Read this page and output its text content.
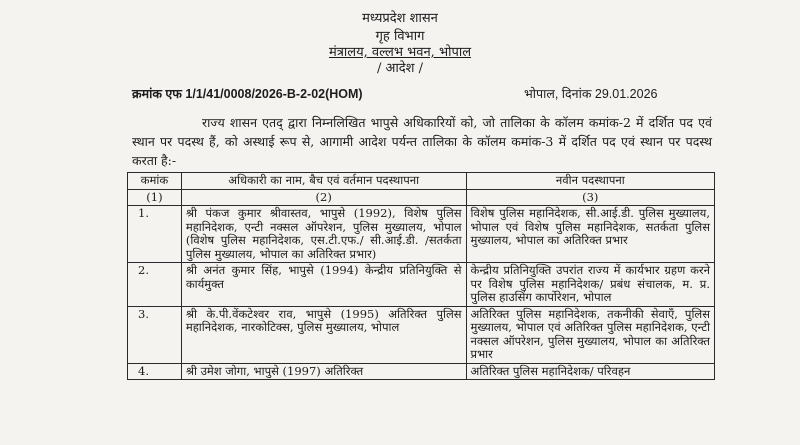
मध्यप्रदेश शासन
गृह विभाग
मंत्रालय, वल्लभ भवन, भोपाल
/ आदेश /
क्रमांक एफ 1/1/41/0008/2026-B-2-02(HOM)	भोपाल, दिनांक 29.01.2026
राज्य शासन एतद् द्वारा निम्नलिखित भापुसे अधिकारियों को, जो तालिका के कॉलम कमांक-2 में दर्शित पद एवं स्थान पर पदस्थ हैं, को अस्थाई रूप से, आगामी आदेश पर्यन्त तालिका के कॉलम कमांक-3 में दर्शित पद एवं स्थान पर पदस्थ करता है:-
कमांक	अधिकारी का नाम, बैच एवं वर्तमान पदस्थापना	नवीन पदस्थापना
(1)	(2)	(3)
1.	श्री पंकज कुमार श्रीवास्तव, भापुसे (1992), विशेष पुलिस महानिदेशक, एन्टी नक्सल ऑपरेशन, पुलिस मुख्यालय, भोपाल (विशेष पुलिस महानिदेशक, एस.टी.एफ./ सी.आई.डी. /सतर्कता पुलिस मुख्यालय, भोपाल का अतिरिक्त प्रभार)	विशेष पुलिस महानिदेशक, सी.आई.डी. पुलिस मुख्यालय, भोपाल एवं विशेष पुलिस महानिदेशक, सतर्कता पुलिस मुख्यालय, भोपाल का अतिरिक्त प्रभार
2.	श्री अनंत कुमार सिंह, भापुसे (1994) केन्द्रीय प्रतिनियुक्ति से कार्यमुक्त	केन्द्रीय प्रतिनियुक्ति उपरांत राज्य में कार्यभार ग्रहण करने पर विशेष पुलिस महानिदेशक/ प्रबंध संचालक, म. प्र. पुलिस हाउसिंग कार्पोरेशन, भोपाल
3.	श्री के.पी.वेंकटेश्वर राव, भापुसे (1995) अतिरिक्त पुलिस महानिदेशक, नारकोटिक्स, पुलिस मुख्यालय, भोपाल	अतिरिक्त पुलिस महानिदेशक, तकनीकी सेवाएँ, पुलिस मुख्यालय, भोपाल एवं अतिरिक्त पुलिस महानिदेशक, एन्टी नक्सल ऑपरेशन, पुलिस मुख्यालय, भोपाल का अतिरिक्त प्रभार
4.	श्री उमेश जोगा, भापुसे (1997) अतिरिक्त	अतिरिक्त पुलिस महानिदेशक/ परिवहन
